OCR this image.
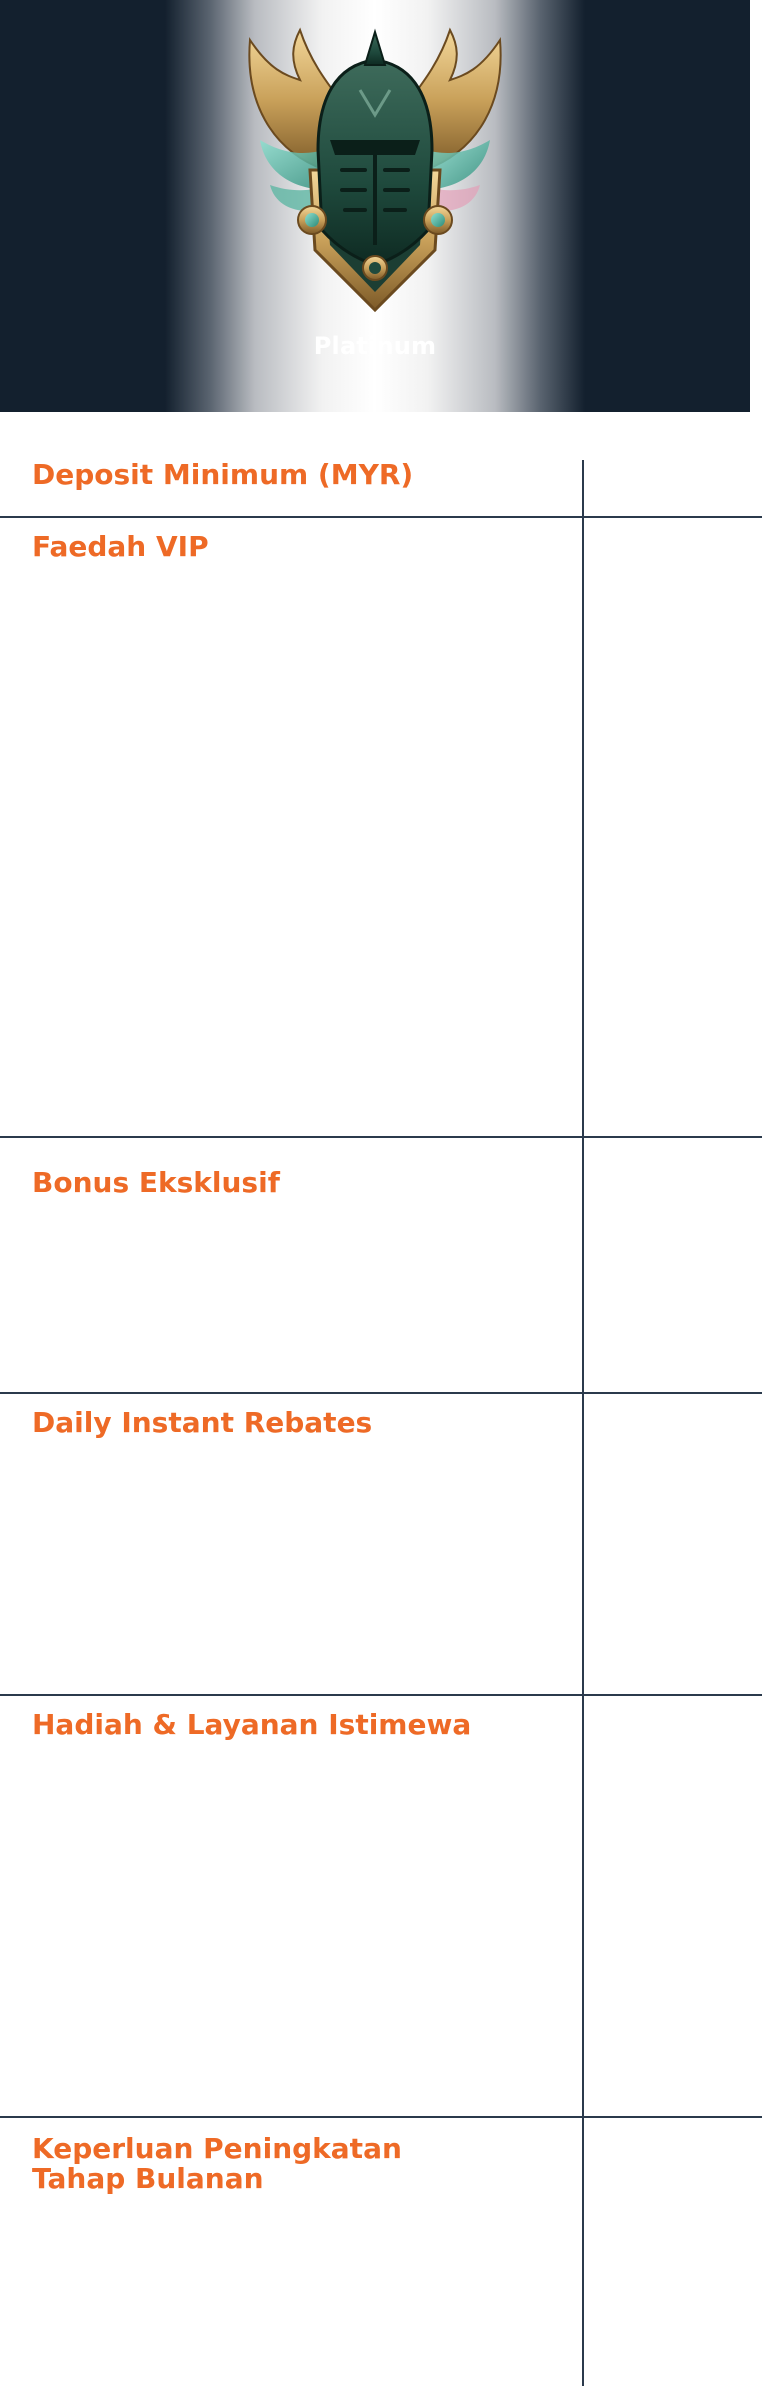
Platinum

Deposit Minimum (MYR)

Faedah VIP

Bonus Eksklusif

Daily Instant Rebates

Hadiah & Layanan Istimewa

Keperluan Peningkatan Tahap Bulanan
